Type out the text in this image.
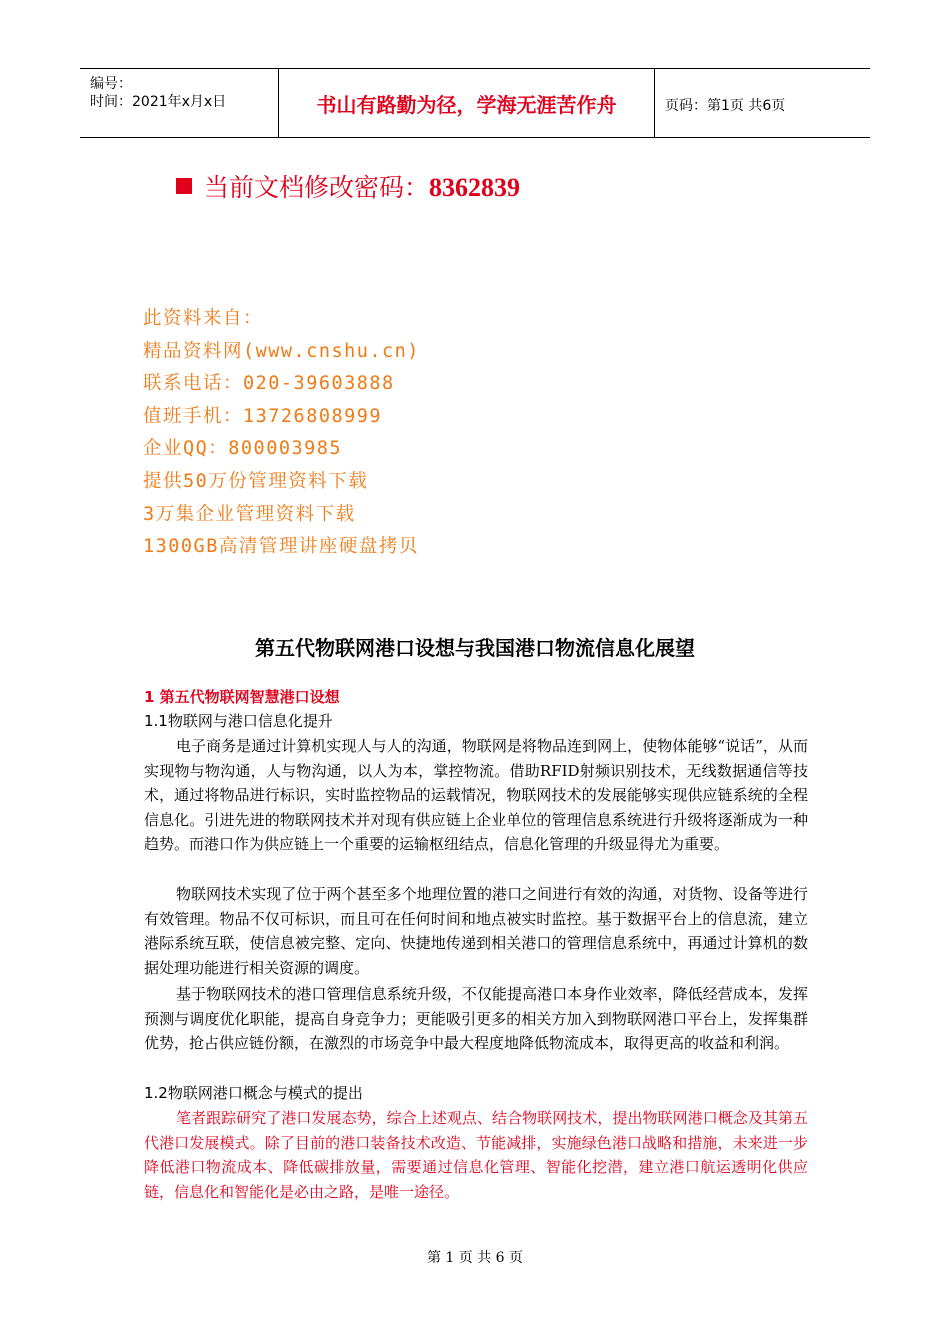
编号：
时间：2021年x月x日	书山有路勤为径，学海无涯苦作舟	页码：第1页 共6页
当前文档修改密码：8362839
此资料来自：
精品资料网(www.cnshu.cn)
联系电话：020-39603888
值班手机：13726808999
企业QQ：800003985
提供50万份管理资料下载
3万集企业管理资料下载
1300GB高清管理讲座硬盘拷贝
第五代物联网港口设想与我国港口物流信息化展望
1 第五代物联网智慧港口设想
1.1物联网与港口信息化提升
电子商务是通过计算机实现人与人的沟通，物联网是将物品连到网上，使物体能够“说话”，从而实现物与物沟通，人与物沟通，以人为本，掌控物流。借助RFID射频识别技术，无线数据通信等技术，通过将物品进行标识，实时监控物品的运载情况，物联网技术的发展能够实现供应链系统的全程信息化。引进先进的物联网技术并对现有供应链上企业单位的管理信息系统进行升级将逐渐成为一种趋势。而港口作为供应链上一个重要的运输枢纽结点，信息化管理的升级显得尤为重要。
物联网技术实现了位于两个甚至多个地理位置的港口之间进行有效的沟通，对货物、设备等进行有效管理。物品不仅可标识，而且可在任何时间和地点被实时监控。基于数据平台上的信息流，建立港际系统互联，使信息被完整、定向、快捷地传递到相关港口的管理信息系统中，再通过计算机的数据处理功能进行相关资源的调度。
基于物联网技术的港口管理信息系统升级，不仅能提高港口本身作业效率，降低经营成本，发挥预测与调度优化职能，提高自身竞争力；更能吸引更多的相关方加入到物联网港口平台上，发挥集群优势，抢占供应链份额，在激烈的市场竞争中最大程度地降低物流成本，取得更高的收益和利润。
1.2物联网港口概念与模式的提出
笔者跟踪研究了港口发展态势，综合上述观点、结合物联网技术，提出物联网港口概念及其第五代港口发展模式。除了目前的港口装备技术改造、节能减排，实施绿色港口战略和措施，未来进一步降低港口物流成本、降低碳排放量，需要通过信息化管理、智能化挖潜，建立港口航运透明化供应链，信息化和智能化是必由之路，是唯一途径。
第 1 页 共 6 页
